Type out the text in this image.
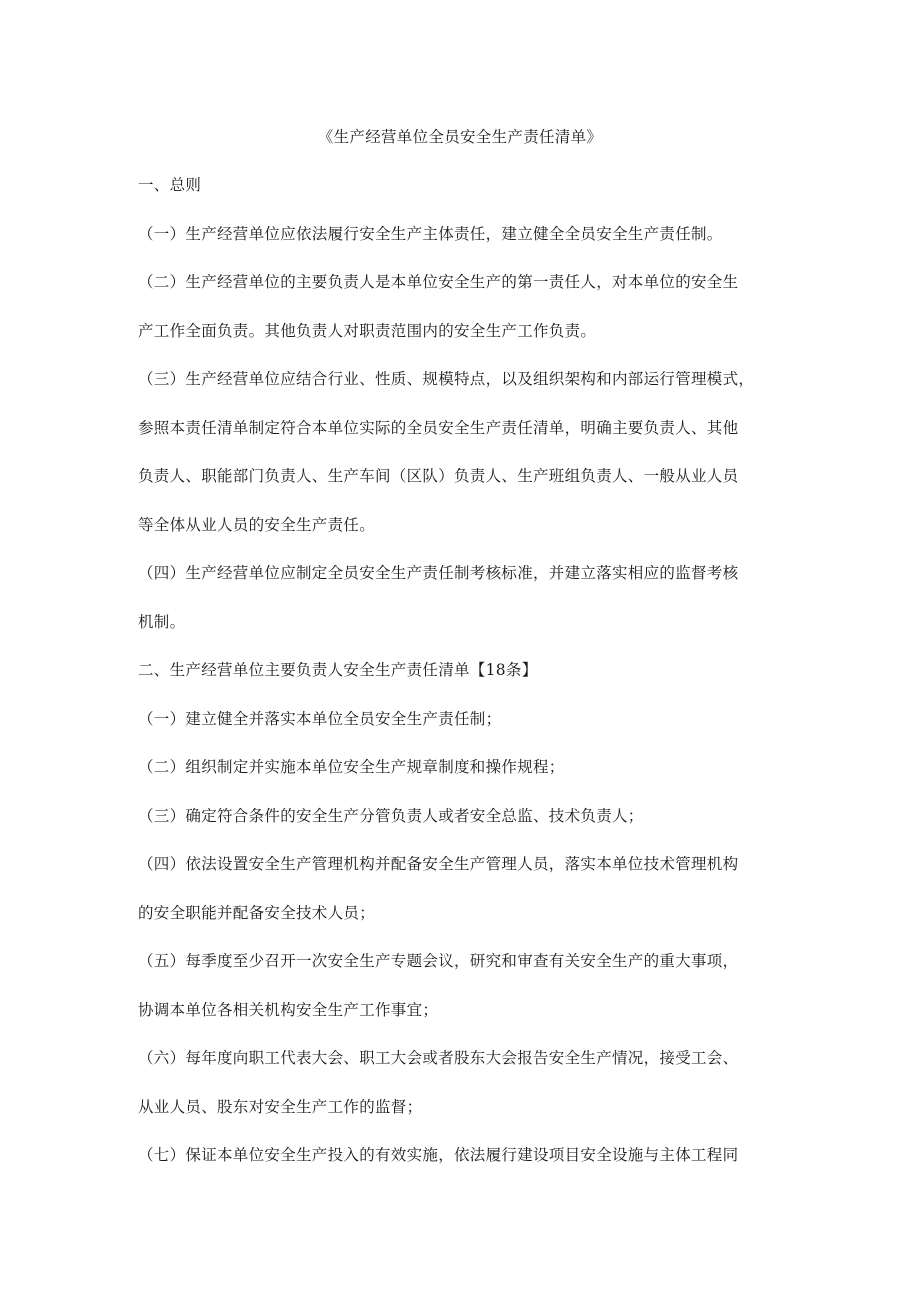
《生产经营单位全员安全生产责任清单》
一、总则
（一）生产经营单位应依法履行安全生产主体责任，建立健全全员安全生产责任制。
（二）生产经营单位的主要负责人是本单位安全生产的第一责任人，对本单位的安全生
产工作全面负责。其他负责人对职责范围内的安全生产工作负责。
（三）生产经营单位应结合行业、性质、规模特点，以及组织架构和内部运行管理模式，
参照本责任清单制定符合本单位实际的全员安全生产责任清单，明确主要负责人、其他
负责人、职能部门负责人、生产车间（区队）负责人、生产班组负责人、一般从业人员
等全体从业人员的安全生产责任。
（四）生产经营单位应制定全员安全生产责任制考核标准，并建立落实相应的监督考核
机制。
二、生产经营单位主要负责人安全生产责任清单【18条】
（一）建立健全并落实本单位全员安全生产责任制；
（二）组织制定并实施本单位安全生产规章制度和操作规程；
（三）确定符合条件的安全生产分管负责人或者安全总监、技术负责人；
（四）依法设置安全生产管理机构并配备安全生产管理人员，落实本单位技术管理机构
的安全职能并配备安全技术人员；
（五）每季度至少召开一次安全生产专题会议，研究和审查有关安全生产的重大事项，
协调本单位各相关机构安全生产工作事宜；
（六）每年度向职工代表大会、职工大会或者股东大会报告安全生产情况，接受工会、
从业人员、股东对安全生产工作的监督；
（七）保证本单位安全生产投入的有效实施，依法履行建设项目安全设施与主体工程同
